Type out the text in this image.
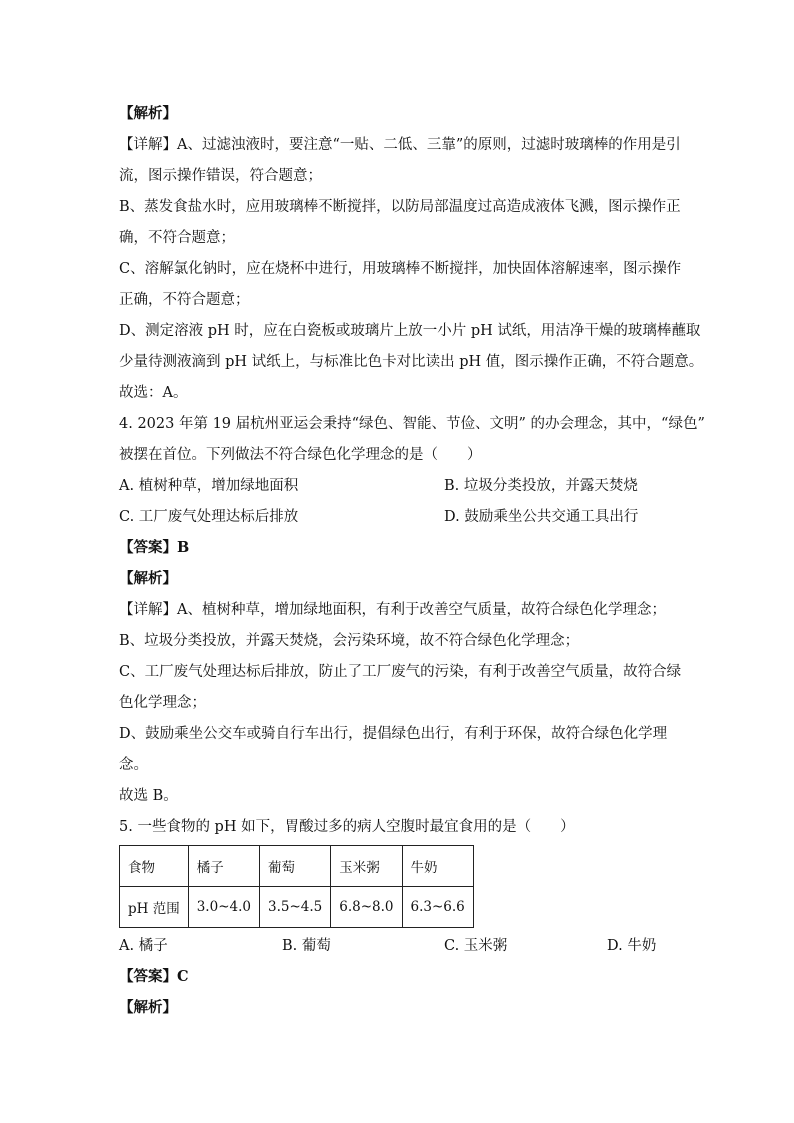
【解析】
【详解】A、过滤浊液时，要注意“一贴、二低、三靠”的原则，过滤时玻璃棒的作用是引
流，图示操作错误，符合题意；
B、蒸发食盐水时，应用玻璃棒不断搅拌，以防局部温度过高造成液体飞溅，图示操作正
确，不符合题意；
C、溶解氯化钠时，应在烧杯中进行，用玻璃棒不断搅拌，加快固体溶解速率，图示操作
正确，不符合题意；
D、测定溶液 pH 时，应在白瓷板或玻璃片上放一小片 pH 试纸，用洁净干燥的玻璃棒蘸取
少量待测液滴到 pH 试纸上，与标准比色卡对比读出 pH 值，图示操作正确，不符合题意。
故选：A。
4. 2023 年第 19 届杭州亚运会秉持“绿色、智能、节俭、文明” 的办会理念，其中，“绿色”
被摆在首位。下列做法不符合绿色化学理念的是（　　）
A. 植树种草，增加绿地面积	B. 垃圾分类投放，并露天焚烧
C. 工厂废气处理达标后排放	D. 鼓励乘坐公共交通工具出行
【答案】B
【解析】
【详解】A、植树种草，增加绿地面积，有利于改善空气质量，故符合绿色化学理念；
B、垃圾分类投放，并露天焚烧，会污染环境，故不符合绿色化学理念；
C、工厂废气处理达标后排放，防止了工厂废气的污染，有利于改善空气质量，故符合绿
色化学理念；
D、鼓励乘坐公交车或骑自行车出行，提倡绿色出行，有利于环保，故符合绿色化学理
念。
故选 B。
5. 一些食物的 pH 如下，胃酸过多的病人空腹时最宜食用的是（　　）
食物	橘子	葡萄	玉米粥	牛奶
pH 范围	3.0~4.0	3.5~4.5	6.8~8.0	6.3~6.6
A. 橘子	B. 葡萄	C. 玉米粥	D. 牛奶
【答案】C
【解析】
